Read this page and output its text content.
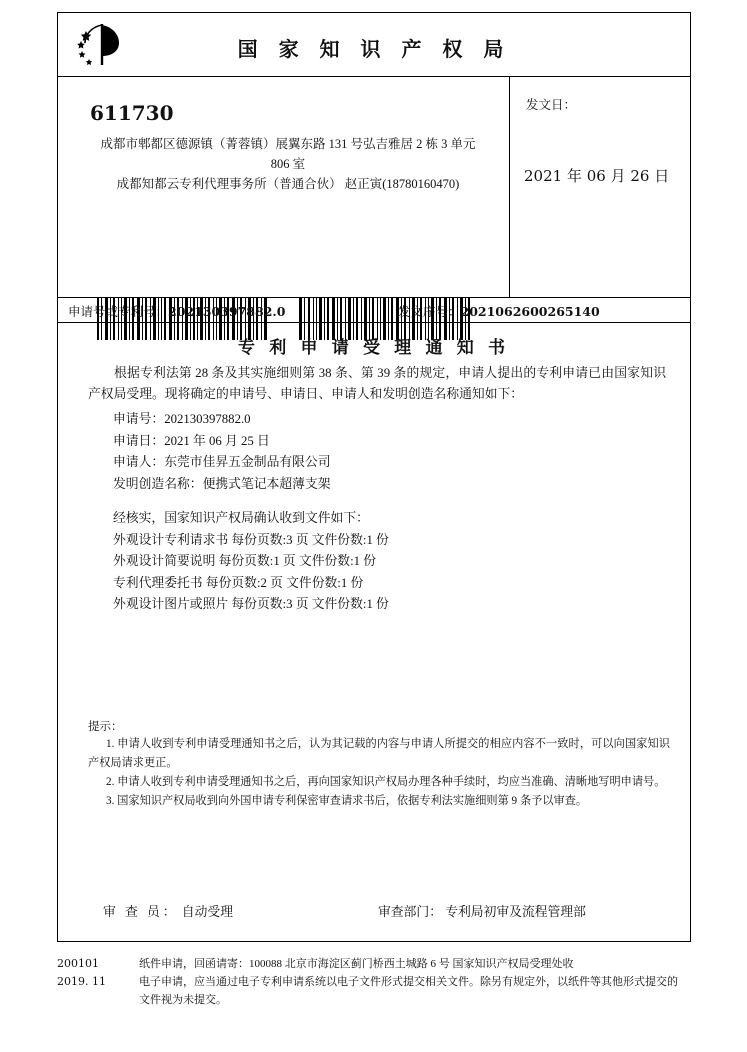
国 家 知 识 产 权 局
611730
成都市郫都区德源镇（菁蓉镇）展翼东路 131 号弘吉雅居 2 栋 3 单元
806 室
成都知都云专利代理事务所（普通合伙） 赵正寅(18780160470)
发文日：
2021 年 06 月 26 日
申请号或专利号：202130397882.0	发文序号：2021062600265140
专 利 申 请 受 理 通 知 书
根据专利法第 28 条及其实施细则第 38 条、第 39 条的规定，申请人提出的专利申请已由国家知识产权局受理。现将确定的申请号、申请日、申请人和发明创造名称通知如下：
申请号：202130397882.0
申请日：2021 年 06 月 25 日
申请人：东莞市佳昇五金制品有限公司
发明创造名称：便携式笔记本超薄支架
经核实，国家知识产权局确认收到文件如下：
外观设计专利请求书 每份页数:3 页 文件份数:1 份
外观设计简要说明 每份页数:1 页 文件份数:1 份
专利代理委托书 每份页数:2 页 文件份数:1 份
外观设计图片或照片 每份页数:3 页 文件份数:1 份
提示：
1. 申请人收到专利申请受理通知书之后，认为其记载的内容与申请人所提交的相应内容不一致时，可以向国家知识产权局请求更正。
2. 申请人收到专利申请受理通知书之后，再向国家知识产权局办理各种手续时，均应当准确、清晰地写明申请号。
3. 国家知识产权局收到向外国申请专利保密审查请求书后，依据专利法实施细则第 9 条予以审查。
审 查 员： 自动受理	审查部门： 专利局初审及流程管理部
200101
2019. 11
纸件申请，回函请寄：100088 北京市海淀区蓟门桥西土城路 6 号 国家知识产权局受理处收
电子申请，应当通过电子专利申请系统以电子文件形式提交相关文件。除另有规定外，以纸件等其他形式提交的
文件视为未提交。
